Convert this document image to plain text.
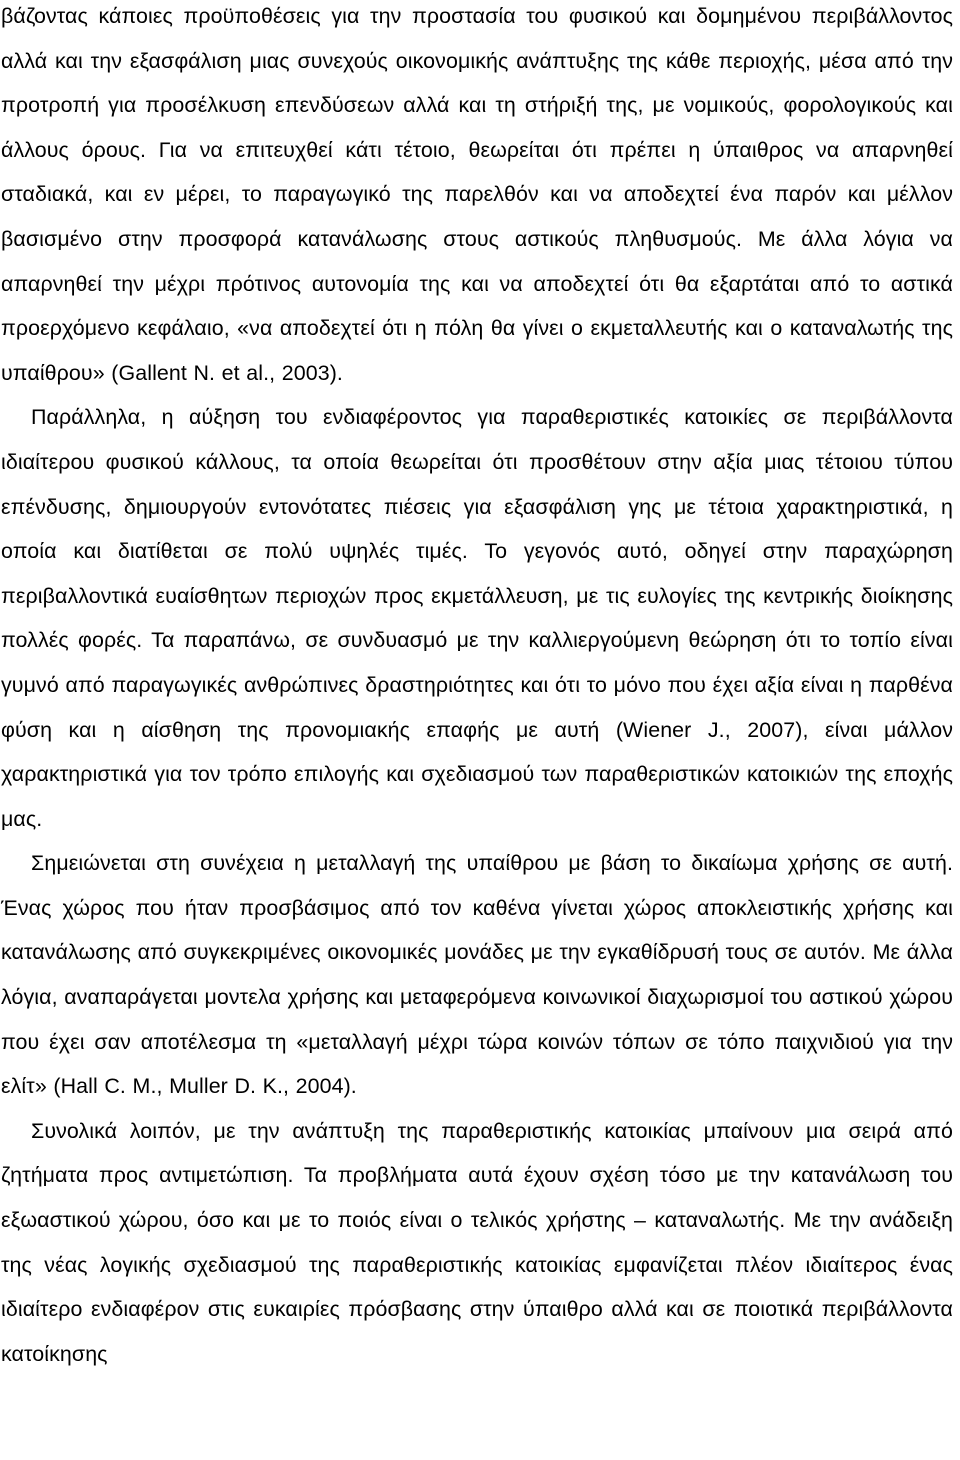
βάζοντας κάποιες προϋποθέσεις για την προστασία του φυσικού και δομημένου περιβάλλοντος αλλά και την εξασφάλιση μιας συνεχούς οικονομικής ανάπτυξης της κάθε περιοχής, μέσα από την προτροπή για προσέλκυση επενδύσεων αλλά και τη στήριξή της, με νομικούς, φορολογικούς και άλλους όρους. Για να επιτευχθεί κάτι τέτοιο, θεωρείται ότι πρέπει η ύπαιθρος να απαρνηθεί σταδιακά, και εν μέρει, το παραγωγικό της παρελθόν και να αποδεχτεί ένα παρόν και μέλλον βασισμένο στην προσφορά κατανάλωσης στους αστικούς πληθυσμούς. Με άλλα λόγια να απαρνηθεί την μέχρι πρότινος αυτονομία της και να αποδεχτεί ότι θα εξαρτάται από το αστικά προερχόμενο κεφάλαιο, «να αποδεχτεί ότι η πόλη θα γίνει ο εκμεταλλευτής και ο καταναλωτής της υπαίθρου» (Gallent N. et al., 2003).

Παράλληλα, η αύξηση του ενδιαφέροντος για παραθεριστικές κατοικίες σε περιβάλλοντα ιδιαίτερου φυσικού κάλλους, τα οποία θεωρείται ότι προσθέτουν στην αξία μιας τέτοιου τύπου επένδυσης, δημιουργούν εντονότατες πιέσεις για εξασφάλιση γης με τέτοια χαρακτηριστικά, η οποία και διατίθεται σε πολύ υψηλές τιμές. Το γεγονός αυτό, οδηγεί στην παραχώρηση περιβαλλοντικά ευαίσθητων περιοχών προς εκμετάλλευση, με τις ευλογίες της κεντρικής διοίκησης πολλές φορές. Τα παραπάνω, σε συνδυασμό με την καλλιεργούμενη θεώρηση ότι το τοπίο είναι γυμνό από παραγωγικές ανθρώπινες δραστηριότητες και ότι το μόνο που έχει αξία είναι η παρθένα φύση και η αίσθηση της προνομιακής επαφής με αυτή (Wiener J., 2007), είναι μάλλον χαρακτηριστικά για τον τρόπο επιλογής και σχεδιασμού των παραθεριστικών κατοικιών της εποχής μας.

Σημειώνεται στη συνέχεια η μεταλλαγή της υπαίθρου με βάση το δικαίωμα χρήσης σε αυτή. Ένας χώρος που ήταν προσβάσιμος από τον καθένα γίνεται χώρος αποκλειστικής χρήσης και κατανάλωσης από συγκεκριμένες οικονομικές μονάδες με την εγκαθίδρυσή τους σε αυτόν. Με άλλα λόγια, αναπαράγεται μοντελα χρήσης και μεταφερόμενα κοινωνικοί διαχωρισμοί του αστικού χώρου που έχει σαν αποτέλεσμα τη «μεταλλαγή μέχρι τώρα κοινών τόπων σε τόπο παιχνιδιού για την ελίτ» (Hall C. M., Muller D. K., 2004).

Συνολικά λοιπόν, με την ανάπτυξη της παραθεριστικής κατοικίας μπαίνουν μια σειρά από ζητήματα προς αντιμετώπιση. Τα προβλήματα αυτά έχουν σχέση τόσο με την κατανάλωση του εξωαστικού χώρου, όσο και με το ποιός είναι ο τελικός χρήστης – καταναλωτής. Με την ανάδειξη της νέας λογικής σχεδιασμού της παραθεριστικής κατοικίας εμφανίζεται πλέον ιδιαίτερος ένας ιδιαίτερο ενδιαφέρον στις ευκαιρίες πρόσβασης στην ύπαιθρο αλλά και σε ποιοτικά περιβάλλοντα κατοίκησης
